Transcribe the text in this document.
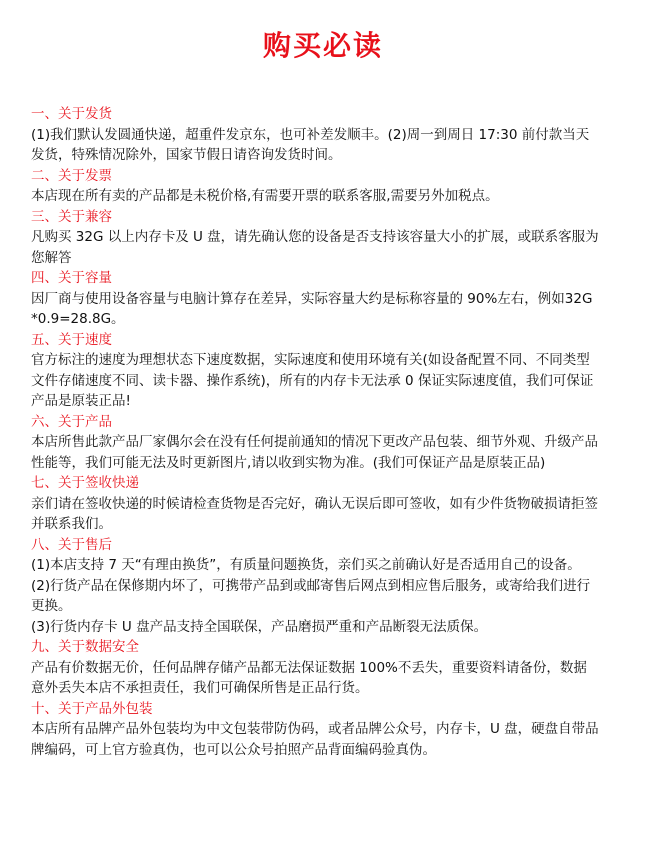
购买必读
一、关于发货
(1)我们默认发圆通快递，超重件发京东，也可补差发顺丰。(2)周一到周日 17:30 前付款当天发货，特殊情况除外，国家节假日请咨询发货时间。
二、关于发票
本店现在所有卖的产品都是未税价格,有需要开票的联系客服,需要另外加税点。
三、关于兼容
凡购买 32G 以上内存卡及 U 盘，请先确认您的设备是否支持该容量大小的扩展，或联系客服为您解答
四、关于容量
因厂商与使用设备容量与电脑计算存在差异，实际容量大约是标称容量的 90%左右，例如32G*0.9=28.8G。
五、关于速度
官方标注的速度为理想状态下速度数据，实际速度和使用环境有关(如设备配置不同、不同类型文件存储速度不同、读卡器、操作系统)，所有的内存卡无法承 0 保证实际速度值，我们可保证产品是原装正品!
六、关于产品
本店所售此款产品厂家偶尔会在没有任何提前通知的情况下更改产品包装、细节外观、升级产品性能等，我们可能无法及时更新图片,请以收到实物为准。(我们可保证产品是原装正品)
七、关于签收快递
亲们请在签收快递的时候请检查货物是否完好，确认无误后即可签收，如有少件货物破损请拒签并联系我们。
八、关于售后
(1)本店支持 7 天“有理由换货”，有质量问题换货，亲们买之前确认好是否适用自己的设备。
(2)行货产品在保修期内坏了，可携带产品到或邮寄售后网点到相应售后服务，或寄给我们进行更换。
(3)行货内存卡 U 盘产品支持全国联保，产品磨损严重和产品断裂无法质保。
九、关于数据安全
产品有价数据无价，任何品牌存储产品都无法保证数据 100%不丢失，重要资料请备份，数据意外丢失本店不承担责任，我们可确保所售是正品行货。
十、关于产品外包装
本店所有品牌产品外包装均为中文包装带防伪码，或者品牌公众号，内存卡，U 盘，硬盘自带品牌编码，可上官方验真伪，也可以公众号拍照产品背面编码验真伪。
